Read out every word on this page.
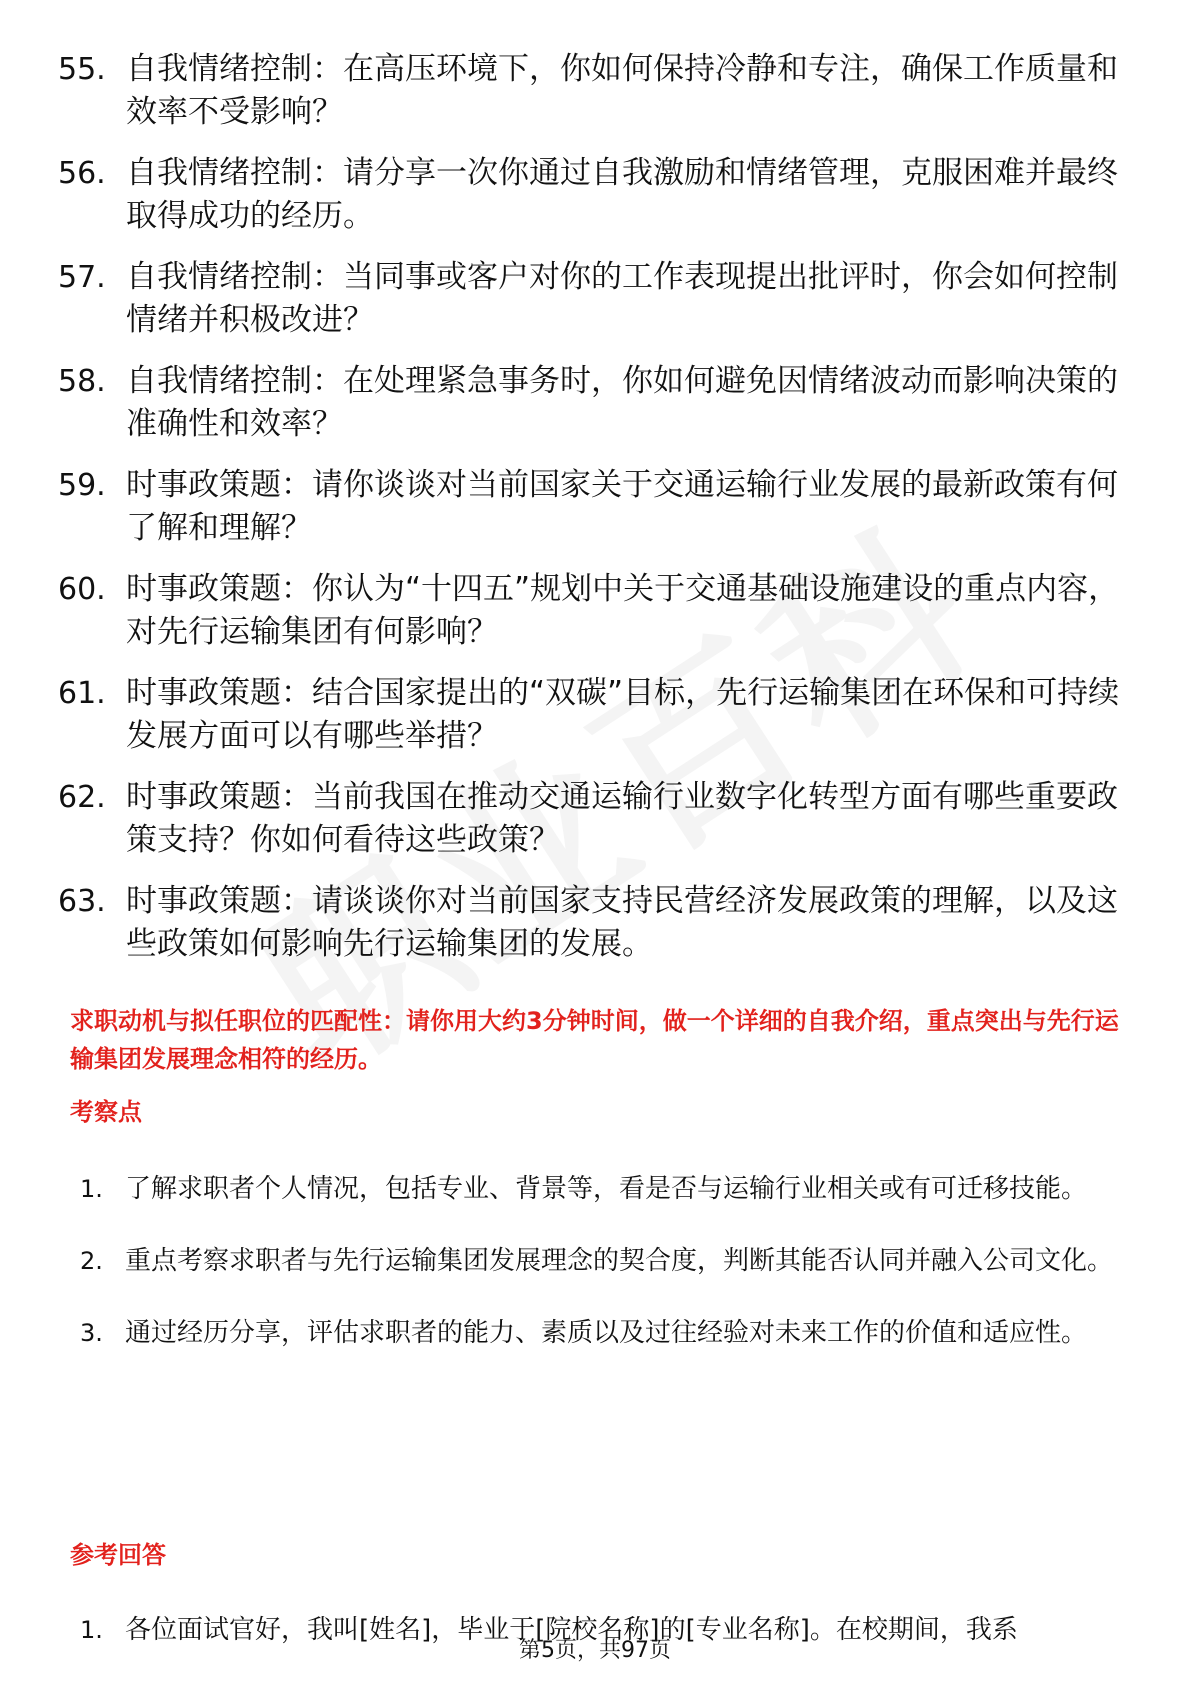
55. 自我情绪控制：在高压环境下，你如何保持冷静和专注，确保工作质量和效率不受影响？
56. 自我情绪控制：请分享一次你通过自我激励和情绪管理，克服困难并最终取得成功的经历。
57. 自我情绪控制：当同事或客户对你的工作表现提出批评时，你会如何控制情绪并积极改进？
58. 自我情绪控制：在处理紧急事务时，你如何避免因情绪波动而影响决策的准确性和效率？
59. 时事政策题：请你谈谈对当前国家关于交通运输行业发展的最新政策有何了解和理解？
60. 时事政策题：你认为“十四五”规划中关于交通基础设施建设的重点内容，对先行运输集团有何影响？
61. 时事政策题：结合国家提出的“双碳”目标，先行运输集团在环保和可持续发展方面可以有哪些举措？
62. 时事政策题：当前我国在推动交通运输行业数字化转型方面有哪些重要政策支持？你如何看待这些政策？
63. 时事政策题：请谈谈你对当前国家支持民营经济发展政策的理解，以及这些政策如何影响先行运输集团的发展。
求职动机与拟任职位的匹配性：请你用大约3分钟时间，做一个详细的自我介绍，重点突出与先行运输集团发展理念相符的经历。
考察点
1. 了解求职者个人情况，包括专业、背景等，看是否与运输行业相关或有可迁移技能。
2. 重点考察求职者与先行运输集团发展理念的契合度，判断其能否认同并融入公司文化。
3. 通过经历分享，评估求职者的能力、素质以及过往经验对未来工作的价值和适应性。
参考回答
1. 各位面试官好，我叫[姓名]，毕业于[院校名称]的[专业名称]。在校期间，我系
第5页，共97页
